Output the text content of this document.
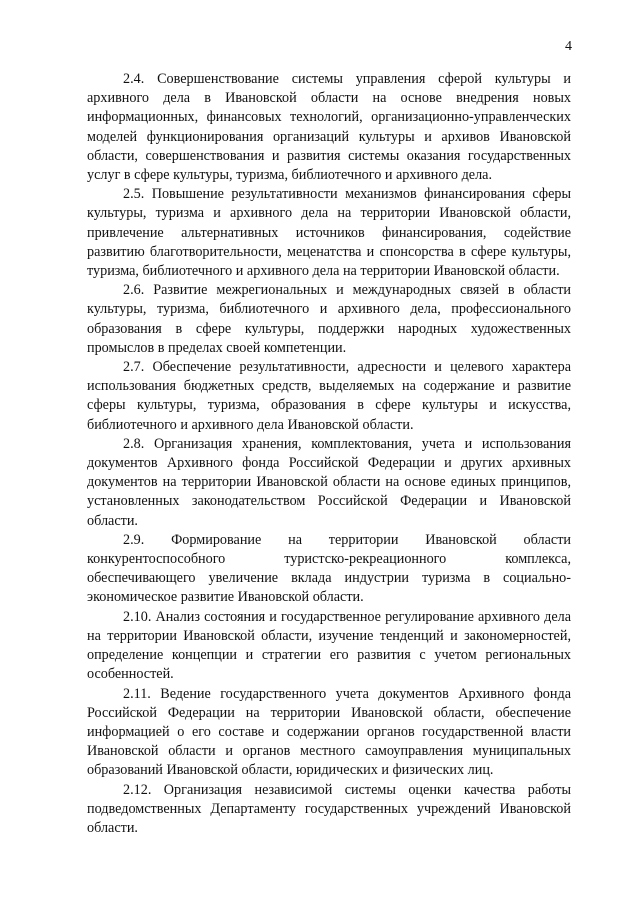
4

2.4. Совершенствование системы управления сферой культуры и архивного дела в Ивановской области на основе внедрения новых информационных, финансовых технологий, организационно-управленческих моделей функционирования организаций культуры и архивов Ивановской области, совершенствования и развития системы оказания государственных услуг в сфере культуры, туризма, библиотечного и архивного дела.

2.5. Повышение результативности механизмов финансирования сферы культуры, туризма и архивного дела на территории Ивановской области, привлечение альтернативных источников финансирования, содействие развитию благотворительности, меценатства и спонсорства в сфере культуры, туризма, библиотечного и архивного дела на территории Ивановской области.

2.6. Развитие межрегиональных и международных связей в области культуры, туризма, библиотечного и архивного дела, профессионального образования в сфере культуры, поддержки народных художественных промыслов в пределах своей компетенции.

2.7. Обеспечение результативности, адресности и целевого характера использования бюджетных средств, выделяемых на содержание и развитие сферы культуры, туризма, образования в сфере культуры и искусства, библиотечного и архивного дела Ивановской области.

2.8. Организация хранения, комплектования, учета и использования документов Архивного фонда Российской Федерации и других архивных документов на территории Ивановской области на основе единых принципов, установленных законодательством Российской Федерации и Ивановской области.

2.9. Формирование на территории Ивановской области конкурентоспособного туристско-рекреационного комплекса, обеспечивающего увеличение вклада индустрии туризма в социально-экономическое развитие Ивановской области.

2.10. Анализ состояния и государственное регулирование архивного дела на территории Ивановской области, изучение тенденций и закономерностей, определение концепции и стратегии его развития с учетом региональных особенностей.

2.11. Ведение государственного учета документов Архивного фонда Российской Федерации на территории Ивановской области, обеспечение информацией о его составе и содержании органов государственной власти Ивановской области и органов местного самоуправления муниципальных образований Ивановской области, юридических и физических лиц.

2.12. Организация независимой системы оценки качества работы подведомственных Департаменту государственных учреждений Ивановской области.
